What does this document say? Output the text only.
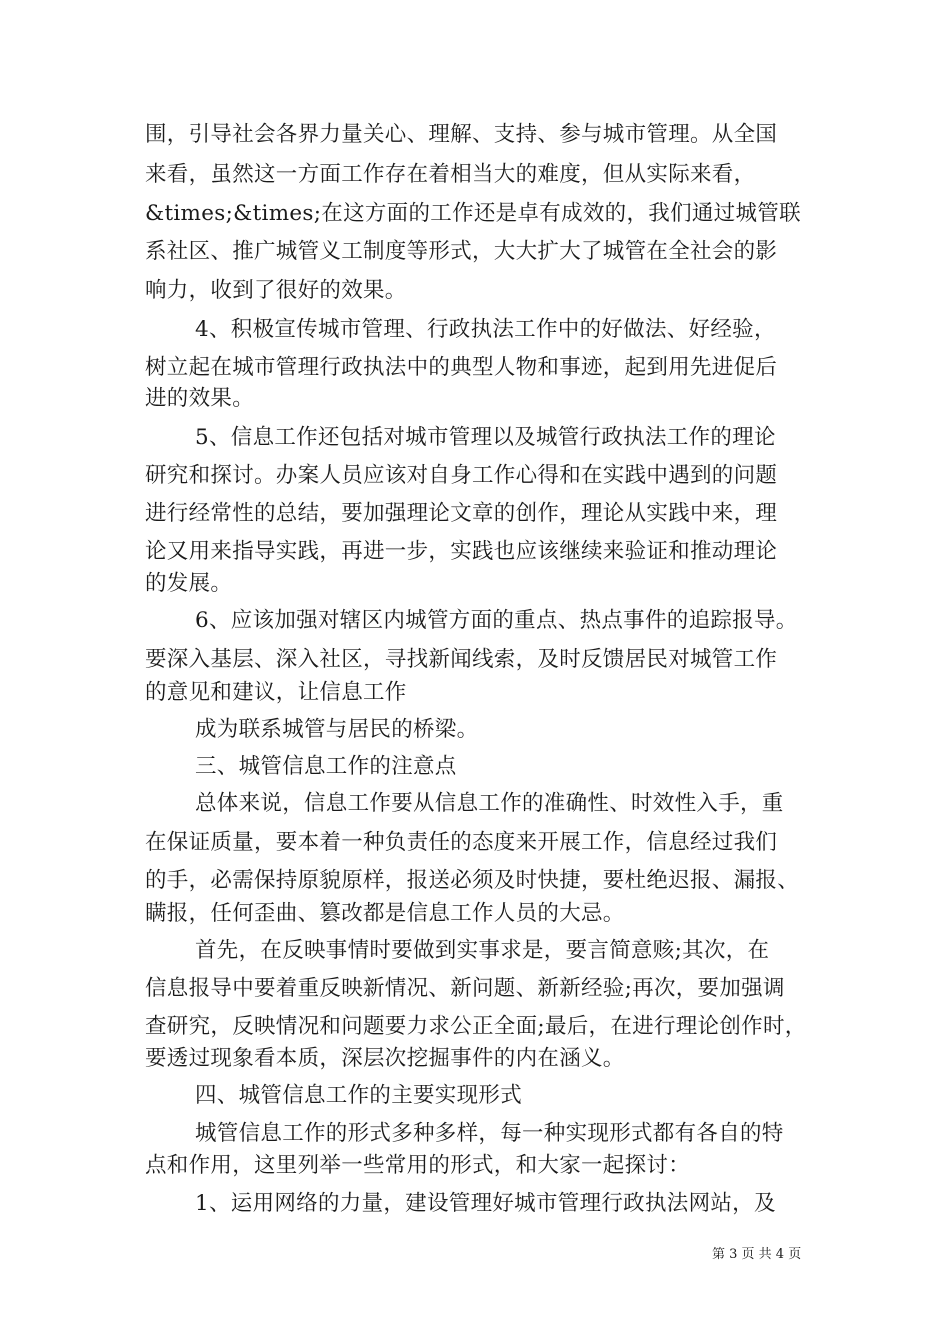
围，引导社会各界力量关心、理解、支持、参与城市管理。从全国
来看，虽然这一方面工作存在着相当大的难度，但从实际来看，
&times;&times;在这方面的工作还是卓有成效的，我们通过城管联
系社区、推广城管义工制度等形式，大大扩大了城管在全社会的影
响力，收到了很好的效果。
4、积极宣传城市管理、行政执法工作中的好做法、好经验，
树立起在城市管理行政执法中的典型人物和事迹，起到用先进促后
进的效果。
5、信息工作还包括对城市管理以及城管行政执法工作的理论
研究和探讨。办案人员应该对自身工作心得和在实践中遇到的问题
进行经常性的总结，要加强理论文章的创作，理论从实践中来，理
论又用来指导实践，再进一步，实践也应该继续来验证和推动理论
的发展。
6、应该加强对辖区内城管方面的重点、热点事件的追踪报导。
要深入基层、深入社区，寻找新闻线索，及时反馈居民对城管工作
的意见和建议，让信息工作
成为联系城管与居民的桥梁。
三、城管信息工作的注意点
总体来说，信息工作要从信息工作的准确性、时效性入手，重
在保证质量，要本着一种负责任的态度来开展工作，信息经过我们
的手，必需保持原貌原样，报送必须及时快捷，要杜绝迟报、漏报、
瞒报，任何歪曲、篡改都是信息工作人员的大忌。
首先，在反映事情时要做到实事求是，要言简意赅;其次，在
信息报导中要着重反映新情况、新问题、新新经验;再次，要加强调
查研究，反映情况和问题要力求公正全面;最后，在进行理论创作时，
要透过现象看本质，深层次挖掘事件的内在涵义。
四、城管信息工作的主要实现形式
城管信息工作的形式多种多样，每一种实现形式都有各自的特
点和作用，这里列举一些常用的形式，和大家一起探讨：
1、运用网络的力量，建设管理好城市管理行政执法网站，及
第 3 页 共 4 页
